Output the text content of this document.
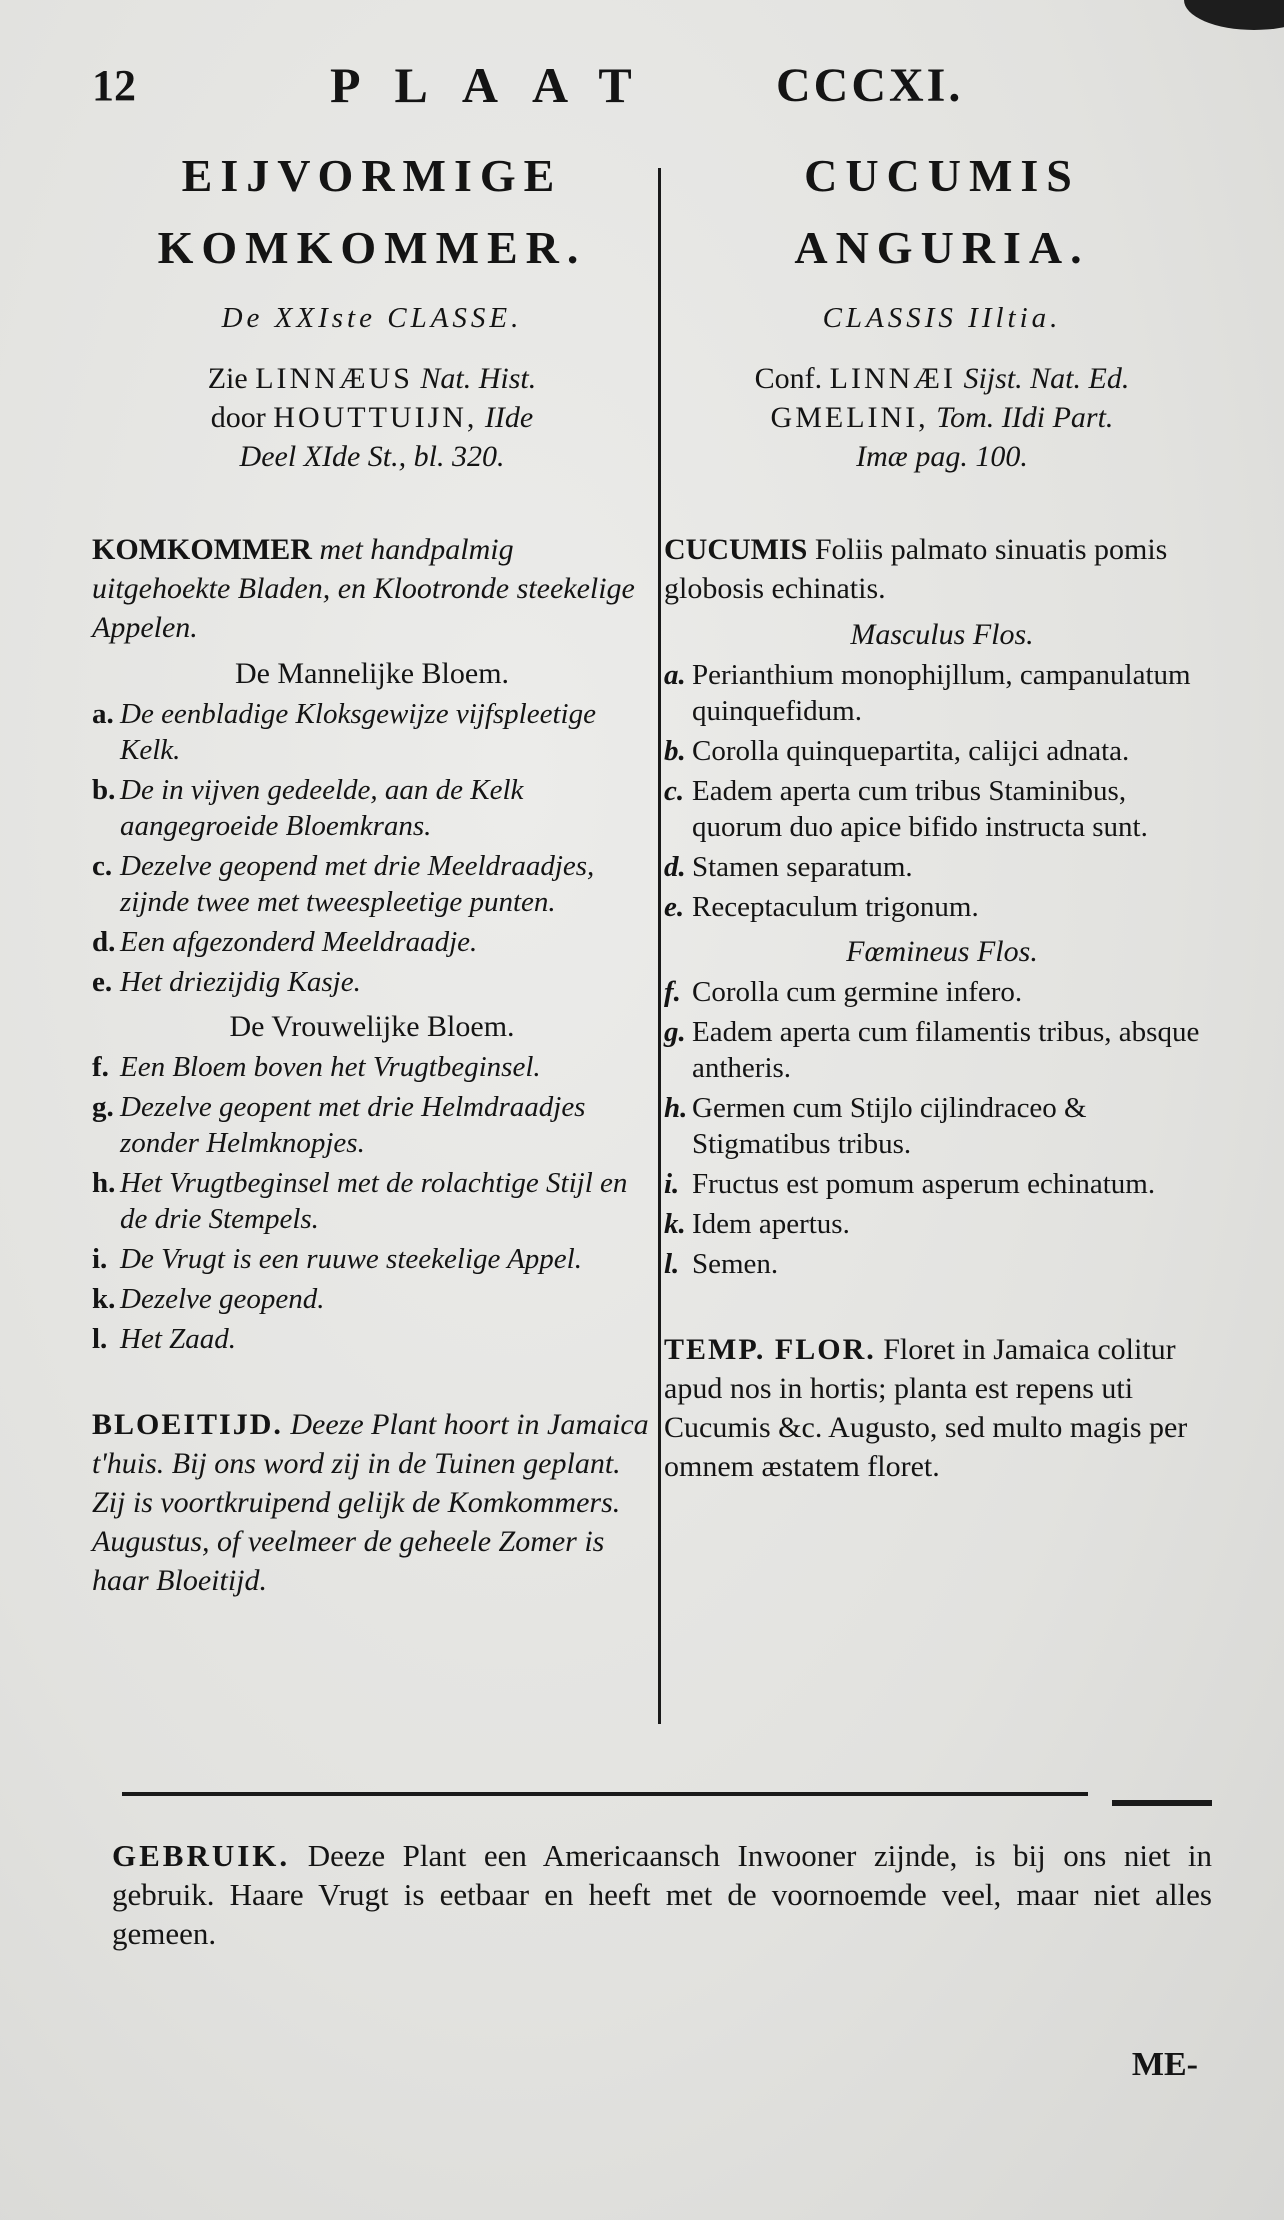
12	PLAAT CCCXI.
EIJVORMIGE
KOMKOMMER.
De XXIste CLASSE.
Zie LINNÆUS Nat. Hist.
door HOUTTUIJN, IIde
Deel XIde St., bl. 320.
KOMKOMMER met handpalmig uitgehoekte Bladen, en Klootronde steekelige Appelen.
De Mannelijke Bloem.
a. De eenbladige Kloksgewijze vijfspleetige Kelk.
b. De in vijven gedeelde, aan de Kelk aangegroeide Bloemkrans.
c. Dezelve geopend met drie Meeldraadjes, zijnde twee met tweespleetige punten.
d. Een afgezonderd Meeldraadje.
e. Het driezijdig Kasje.
De Vrouwelijke Bloem.
f. Een Bloem boven het Vrugtbeginsel.
g. Dezelve geopent met drie Helmdraadjes zonder Helmknopjes.
h. Het Vrugtbeginsel met de rolachtige Stijl en de drie Stempels.
i. De Vrugt is een ruuwe steekelige Appel.
k. Dezelve geopend.
l. Het Zaad.
BLOEITIJD. Deeze Plant hoort in Jamaica t'huis. Bij ons word zij in de Tuinen geplant. Zij is voortkruipend gelijk de Komkommers. Augustus, of veelmeer de geheele Zomer is haar Bloeitijd.
CUCUMIS
ANGURIA.
CLASSIS IIltia.
Conf. LINNÆI Sijst. Nat. Ed.
GMELINI, Tom. IIdi Part.
Imæ pag. 100.
CUCUMIS Foliis palmato sinuatis pomis globosis echinatis.
Masculus Flos.
a. Perianthium monophijllum, campanulatum quinquefidum.
b. Corolla quinquepartita, calijci adnata.
c. Eadem aperta cum tribus Staminibus, quorum duo apice bifido instructa sunt.
d. Stamen separatum.
e. Receptaculum trigonum.
Fœmineus Flos.
f. Corolla cum germine infero.
g. Eadem aperta cum filamentis tribus, absque antheris.
h. Germen cum Stijlo cijlindraceo & Stigmatibus tribus.
i. Fructus est pomum asperum echinatum.
k. Idem apertus.
l. Semen.
TEMP. FLOR. Floret in Jamaica colitur apud nos in hortis; planta est repens uti Cucumis &c. Augusto, sed multo magis per omnem æstatem floret.
GEBRUIK. Deeze Plant een Americaansch Inwooner zijnde, is bij ons niet in gebruik. Haare Vrugt is eetbaar en heeft met de voornoemde veel, maar niet alles gemeen.
ME-
